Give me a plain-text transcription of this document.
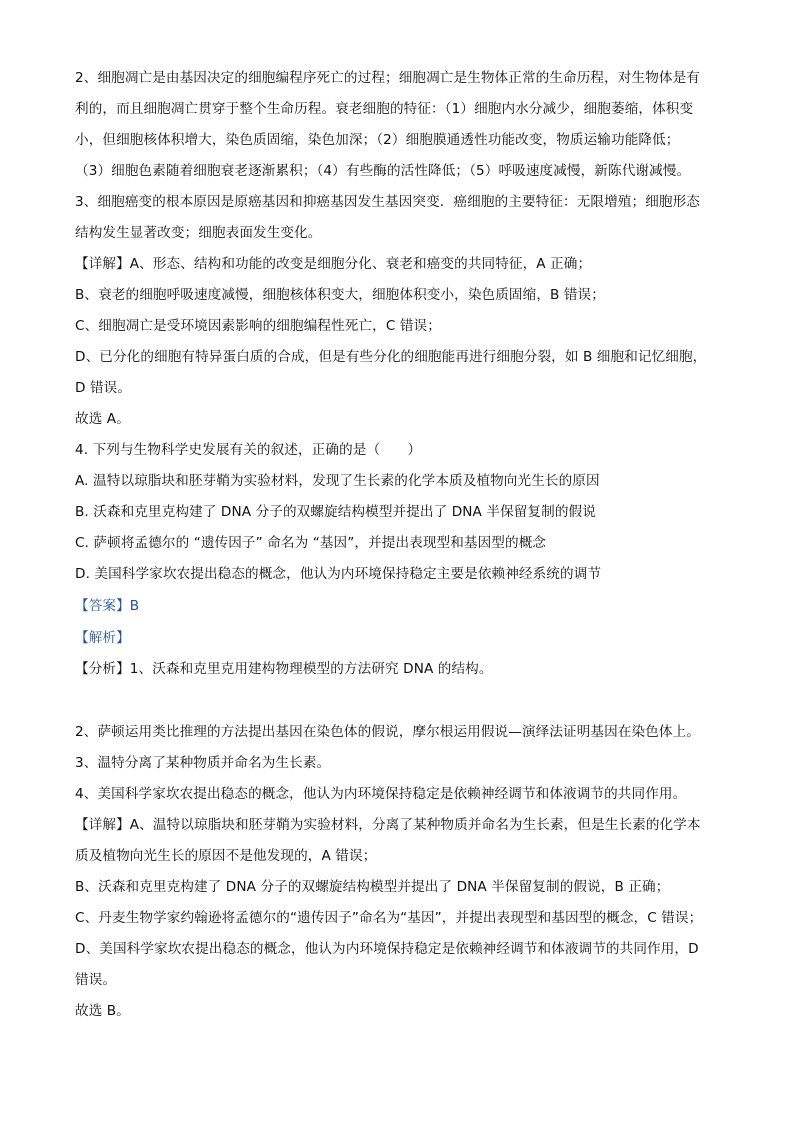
2、细胞凋亡是由基因决定的细胞编程序死亡的过程；细胞凋亡是生物体正常的生命历程，对生物体是有
利的，而且细胞凋亡贯穿于整个生命历程。衰老细胞的特征：（1）细胞内水分减少，细胞萎缩，体积变
小，但细胞核体积增大，染色质固缩，染色加深；（2）细胞膜通透性功能改变，物质运输功能降低；
（3）细胞色素随着细胞衰老逐渐累积；（4）有些酶的活性降低；（5）呼吸速度减慢，新陈代谢减慢。
3、细胞癌变的根本原因是原癌基因和抑癌基因发生基因突变．癌细胞的主要特征：无限增殖；细胞形态
结构发生显著改变；细胞表面发生变化。
【详解】A、形态、结构和功能的改变是细胞分化、衰老和癌变的共同特征，A 正确；
B、衰老的细胞呼吸速度减慢，细胞核体积变大，细胞体积变小，染色质固缩，B 错误；
C、细胞凋亡是受环境因素影响的细胞编程性死亡，C 错误；
D、已分化的细胞有特异蛋白质的合成，但是有些分化的细胞能再进行细胞分裂，如 B 细胞和记忆细胞，
D 错误。
故选 A。
4. 下列与生物科学史发展有关的叙述，正确的是（　　）
A. 温特以琼脂块和胚芽鞘为实验材料，发现了生长素的化学本质及植物向光生长的原因
B. 沃森和克里克构建了 DNA 分子的双螺旋结构模型并提出了 DNA 半保留复制的假说
C. 萨顿将孟德尔的 “遗传因子” 命名为 “基因”，并提出表现型和基因型的概念
D. 美国科学家坎农提出稳态的概念，他认为内环境保持稳定主要是依赖神经系统的调节
【答案】B
【解析】
【分析】1、沃森和克里克用建构物理模型的方法研究 DNA 的结构。
2、萨顿运用类比推理的方法提出基因在染色体的假说，摩尔根运用假说—演绎法证明基因在染色体上。
3、温特分离了某种物质并命名为生长素。
4、美国科学家坎农提出稳态的概念，他认为内环境保持稳定是依赖神经调节和体液调节的共同作用。
【详解】A、温特以琼脂块和胚芽鞘为实验材料，分离了某种物质并命名为生长素，但是生长素的化学本
质及植物向光生长的原因不是他发现的，A 错误；
B、沃森和克里克构建了 DNA 分子的双螺旋结构模型并提出了 DNA 半保留复制的假说，B 正确；
C、丹麦生物学家约翰逊将孟德尔的“遗传因子”命名为“基因”，并提出表现型和基因型的概念，C 错误；
D、美国科学家坎农提出稳态的概念，他认为内环境保持稳定是依赖神经调节和体液调节的共同作用，D
错误。
故选 B。
